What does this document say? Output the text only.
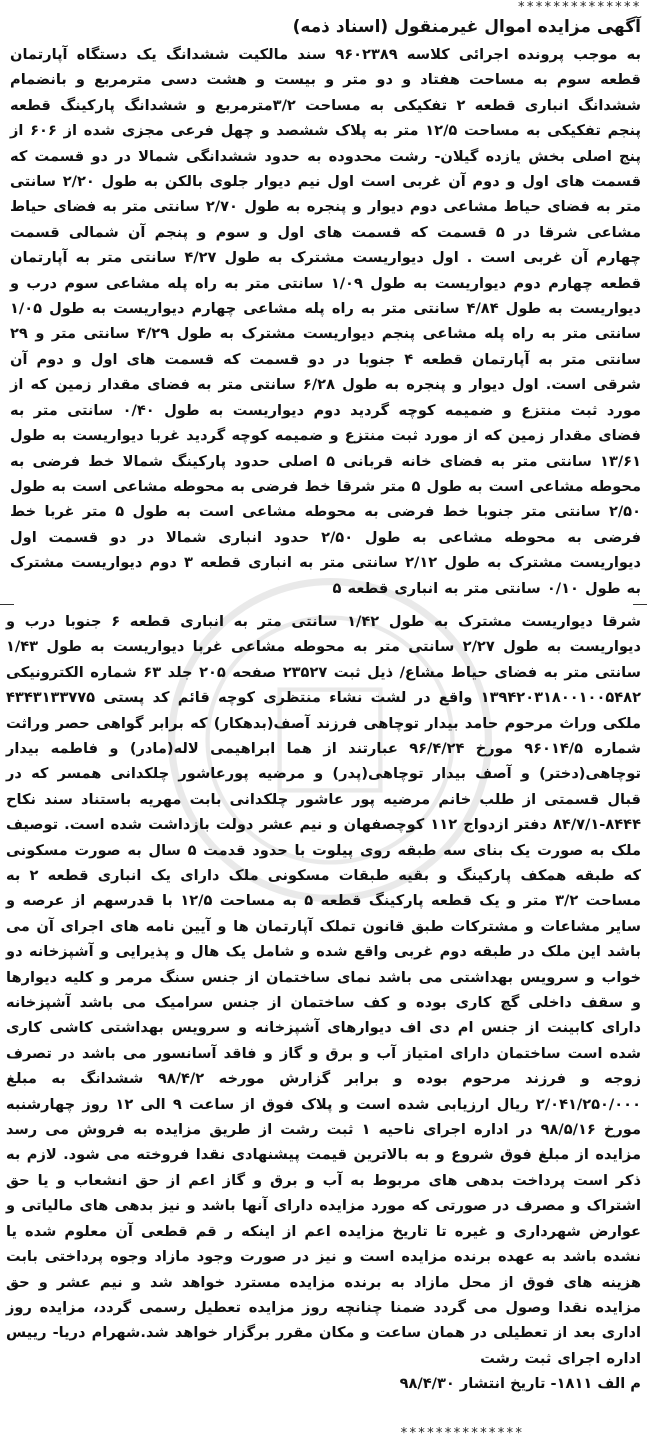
**************
آگهی مزایده اموال غیرمنقول (اسناد ذمه)

به موجب پرونده اجرائی کلاسه ۹۶۰۲۳۸۹ سند مالکیت ششدانگ یک دستگاه آپارتمان قطعه سوم به مساحت هفتاد و دو متر و بیست و هشت دسی مترمربع و بانضمام ششدانگ انباری قطعه ۲ تفکیکی به مساحت ۳/۲مترمربع و ششدانگ پارکینگ قطعه پنجم تفکیکی به مساحت ۱۲/۵ متر به پلاک ششصد و چهل فرعی مجزی شده از ۶۰۶ از پنج اصلی بخش یازده گیلان- رشت محدوده به حدود ششدانگی شمالا در دو قسمت که قسمت های اول و دوم آن غربی است اول نیم دیوار جلوی بالکن به طول ۲/۲۰ سانتی متر به فضای حیاط مشاعی دوم دیوار و پنجره به طول ۲/۷۰ سانتی متر به فضای حیاط مشاعی شرقا در ۵ قسمت که قسمت های اول و سوم و پنجم آن شمالی قسمت چهارم آن غربی است . اول دیواریست مشترک به طول ۴/۲۷ سانتی متر به آپارتمان قطعه چهارم دوم دیواریست به طول ۱/۰۹ سانتی متر به راه پله مشاعی سوم درب و دیواریست به طول ۴/۸۴ سانتی متر به راه پله مشاعی چهارم دیواریست به طول ۱/۰۵ سانتی متر به راه پله مشاعی پنجم دیواریست مشترک به طول ۴/۲۹ سانتی متر و ۲۹ سانتی متر به آپارتمان قطعه ۴ جنوبا در دو قسمت که قسمت های اول و دوم آن شرقی است. اول دیوار و پنجره به طول ۶/۲۸ سانتی متر به فضای مقدار زمین که از مورد ثبت منتزع و ضمیمه کوچه گردید دوم دیواریست به طول ۰/۴۰ سانتی متر به فضای مقدار زمین که از مورد ثبت منتزع و ضمیمه کوچه گردید غربا دیواریست به طول ۱۳/۶۱ سانتی متر به فضای خانه قربانی ۵ اصلی حدود پارکینگ شمالا خط فرضی به محوطه مشاعی است به طول ۵ متر شرقا خط فرضی به محوطه مشاعی است به طول ۲/۵۰ سانتی متر جنوبا خط فرضی به محوطه مشاعی است به طول ۵ متر غربا خط فرضی به محوطه مشاعی به طول ۲/۵۰ حدود انباری شمالا در دو قسمت اول دیواریست مشترک به طول ۲/۱۲ سانتی متر به انباری قطعه ۳ دوم دیواریست مشترک به طول ۰/۱۰ سانتی متر به انباری قطعه ۵

شرقا دیواریست مشترک به طول ۱/۴۲ سانتی متر به انباری قطعه ۶ جنوبا درب و دیواریست به طول ۲/۲۷ سانتی متر به محوطه مشاعی غربا دیواریست به طول ۱/۴۳ سانتی متر به فضای حیاط مشاع/ ذیل ثبت ۲۳۵۲۷ صفحه ۲۰۵ جلد ۶۳ شماره الکترونیکی ۱۳۹۴۲۰۳۱۸۰۰۱۰۰۵۴۸۲ واقع در لشت نشاء منتظری کوچه قائم کد پستی ۴۳۴۳۱۳۳۷۷۵ ملکی وراث مرحوم حامد بیدار توچاهی فرزند آصف(بدهکار) که برابر گواهی حصر وراثت شماره ۹۶۰۱۴/۵ مورخ ۹۶/۴/۲۴ عبارتند از هما ابراهیمی لاله(مادر) و فاطمه بیدار توچاهی(دختر) و آصف بیدار توچاهی(پدر) و مرضیه پورعاشور چلکدانی همسر که در قبال قسمتی از طلب خانم مرضیه پور عاشور چلکدانی بابت مهریه باستناد سند نکاح ۸۴۴۴-۸۴/۷/۱ دفتر ازدواج ۱۱۲ کوچصفهان و نیم عشر دولت بازداشت شده است. توصیف ملک به صورت یک بنای سه طبقه روی پیلوت با حدود قدمت ۵ سال به صورت مسکونی که طبقه همکف پارکینگ و بقیه طبقات مسکونی ملک دارای یک انباری قطعه ۲ به مساحت ۳/۲ متر و یک قطعه پارکینگ قطعه ۵ به مساحت ۱۲/۵ با قدرسهم از عرصه و سایر مشاعات و مشترکات طبق قانون تملک آپارتمان ها و آیین نامه های اجرای آن می باشد این ملک در طبقه دوم غربی واقع شده و شامل یک هال و پذیرایی و آشپزخانه دو خواب و سرویس بهداشتی می باشد نمای ساختمان از جنس سنگ مرمر و کلیه دیوارها و سقف داخلی گچ کاری بوده و کف ساختمان از جنس سرامیک می باشد آشپزخانه دارای کابینت از جنس ام دی اف دیوارهای آشپزخانه و سرویس بهداشتی کاشی کاری شده است ساختمان دارای امتیاز آب و برق و گاز و فاقد آسانسور می باشد در تصرف زوجه و فرزند مرحوم بوده و برابر گزارش مورخه ۹۸/۴/۲ ششدانگ به مبلغ ۲/۰۴۱/۲۵۰/۰۰۰ ریال ارزیابی شده است و پلاک فوق از ساعت ۹ الی ۱۲ روز چهارشنبه مورخ ۹۸/۵/۱۶ در اداره اجرای ناحیه ۱ ثبت رشت از طریق مزایده به فروش می رسد مزایده از مبلغ فوق شروع و به بالاترین قیمت پیشنهادی نقدا فروخته می شود. لازم به ذکر است پرداخت بدهی های مربوط به آب و برق و گاز اعم از حق انشعاب و یا حق اشتراک و مصرف در صورتی که مورد مزایده دارای آنها باشد و نیز بدهی های مالیاتی و عوارض شهرداری و غیره تا تاریخ مزایده اعم از اینکه ر قم قطعی آن معلوم شده یا نشده باشد به عهده برنده مزایده است و نیز در صورت وجود مازاد وجوه پرداختی بابت هزینه های فوق از محل مازاد به برنده مزایده مسترد خواهد شد و نیم عشر و حق مزایده نقدا وصول می گردد ضمنا چنانچه روز مزایده تعطیل رسمی گردد، مزایده روز اداری بعد از تعطیلی در همان ساعت و مکان مقرر برگزار خواهد شد.شهرام دریا- رییس اداره اجرای ثبت رشت

م الف ۱۸۱۱- تاریخ انتشار ۹۸/۴/۳۰

**************
